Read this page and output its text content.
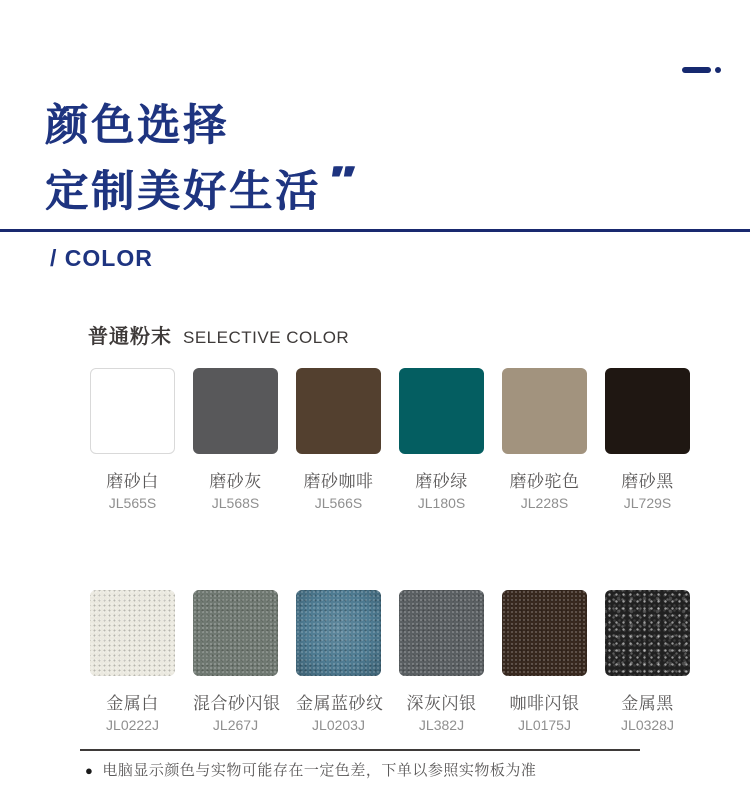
颜色选择
定制美好生活 ″
/ COLOR
普通粉末 SELECTIVE COLOR
磨砂白
JL565S
磨砂灰
JL568S
磨砂咖啡
JL566S
磨砂绿
JL180S
磨砂驼色
JL228S
磨砂黑
JL729S
金属白
JL0222J
混合砂闪银
JL267J
金属蓝砂纹
JL0203J
深灰闪银
JL382J
咖啡闪银
JL0175J
金属黑
JL0328J
● 电脑显示颜色与实物可能存在一定色差，下单以参照实物板为准
